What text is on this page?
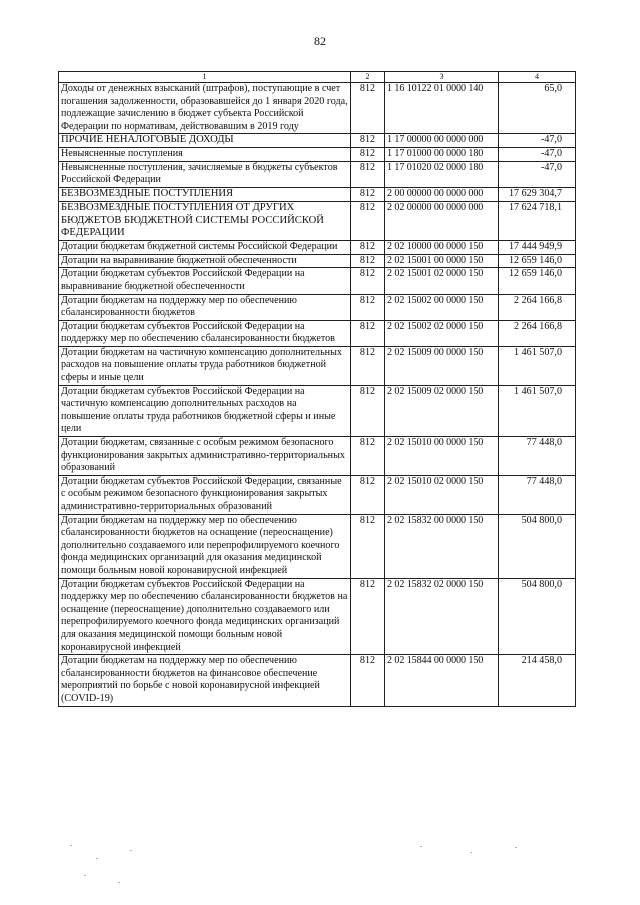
82
1	2	3	4
Доходы от денежных взысканий (штрафов), поступающие в счет погашения задолженности, образовавшейся до 1 января 2020 года, подлежащие зачислению в бюджет субъекта Российской Федерации по нормативам, действовавшим в 2019 году	812	1 16 10122 01 0000 140	65,0
ПРОЧИЕ НЕНАЛОГОВЫЕ ДОХОДЫ	812	1 17 00000 00 0000 000	-47,0
Невыясненные поступления	812	1 17 01000 00 0000 180	-47,0
Невыясненные поступления, зачисляемые в бюджеты субъектов Российской Федерации	812	1 17 01020 02 0000 180	-47,0
БЕЗВОЗМЕЗДНЫЕ ПОСТУПЛЕНИЯ	812	2 00 00000 00 0000 000	17 629 304,7
БЕЗВОЗМЕЗДНЫЕ ПОСТУПЛЕНИЯ ОТ ДРУГИХ БЮДЖЕТОВ БЮДЖЕТНОЙ СИСТЕМЫ РОССИЙСКОЙ ФЕДЕРАЦИИ	812	2 02 00000 00 0000 000	17 624 718,1
Дотации бюджетам бюджетной системы Российской Федерации	812	2 02 10000 00 0000 150	17 444 949,9
Дотации на выравнивание бюджетной обеспеченности	812	2 02 15001 00 0000 150	12 659 146,0
Дотации бюджетам субъектов Российской Федерации на выравнивание бюджетной обеспеченности	812	2 02 15001 02 0000 150	12 659 146,0
Дотации бюджетам на поддержку мер по обеспечению сбалансированности бюджетов	812	2 02 15002 00 0000 150	2 264 166,8
Дотации бюджетам субъектов Российской Федерации на поддержку мер по обеспечению сбалансированности бюджетов	812	2 02 15002 02 0000 150	2 264 166,8
Дотации бюджетам на частичную компенсацию дополнительных расходов на повышение оплаты труда работников бюджетной сферы и иные цели	812	2 02 15009 00 0000 150	1 461 507,0
Дотации бюджетам субъектов Российской Федерации на частичную компенсацию дополнительных расходов на повышение оплаты труда работников бюджетной сферы и иные цели	812	2 02 15009 02 0000 150	1 461 507,0
Дотации бюджетам, связанные с особым режимом безопасного функционирования закрытых административно-территориальных образований	812	2 02 15010 00 0000 150	77 448,0
Дотации бюджетам субъектов Российской Федерации, связанные с особым режимом безопасного функционирования закрытых административно-территориальных образований	812	2 02 15010 02 0000 150	77 448,0
Дотации бюджетам на поддержку мер по обеспечению сбалансированности бюджетов на оснащение (переоснащение) дополнительно создаваемого или перепрофилируемого коечного фонда медицинских организаций для оказания медицинской помощи больным новой коронавирусной инфекцией	812	2 02 15832 00 0000 150	504 800,0
Дотации бюджетам субъектов Российской Федерации на поддержку мер по обеспечению сбалансированности бюджетов на оснащение (переоснащение) дополнительно создаваемого или перепрофилируемого коечного фонда медицинских организаций для оказания медицинской помощи больным новой коронавирусной инфекцией	812	2 02 15832 02 0000 150	504 800,0
Дотации бюджетам на поддержку мер по обеспечению сбалансированности бюджетов на финансовое обеспечение мероприятий по борьбе с новой коронавирусной инфекцией (COVID-19)	812	2 02 15844 00 0000 150	214 458,0
